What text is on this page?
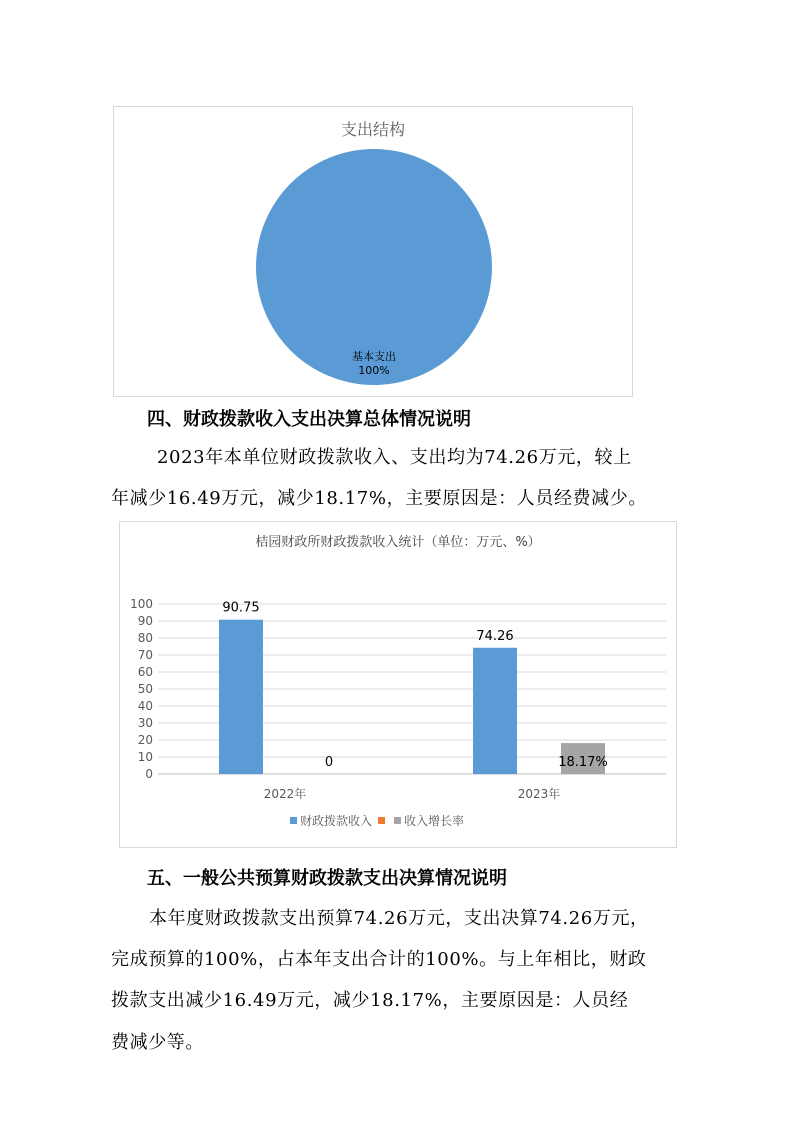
支出结构
基本支出
100%
四、财政拨款收入支出决算总体情况说明
2023年本单位财政拨款收入、支出均为74.26万元，较上
年减少16.49万元，减少18.17%，主要原因是：人员经费减少。
桔园财政所财政拨款收入统计（单位：万元、%）
0
10
20
30
40
50
60
70
80
90
100	90.75
0
2022年
74.26
18.17%
2023年
财政拨款收入	收入增长率
五、一般公共预算财政拨款支出决算情况说明
本年度财政拨款支出预算74.26万元，支出决算74.26万元，
完成预算的100%，占本年支出合计的100%。与上年相比，财政
拨款支出减少16.49万元，减少18.17%，主要原因是：人员经
费减少等。
